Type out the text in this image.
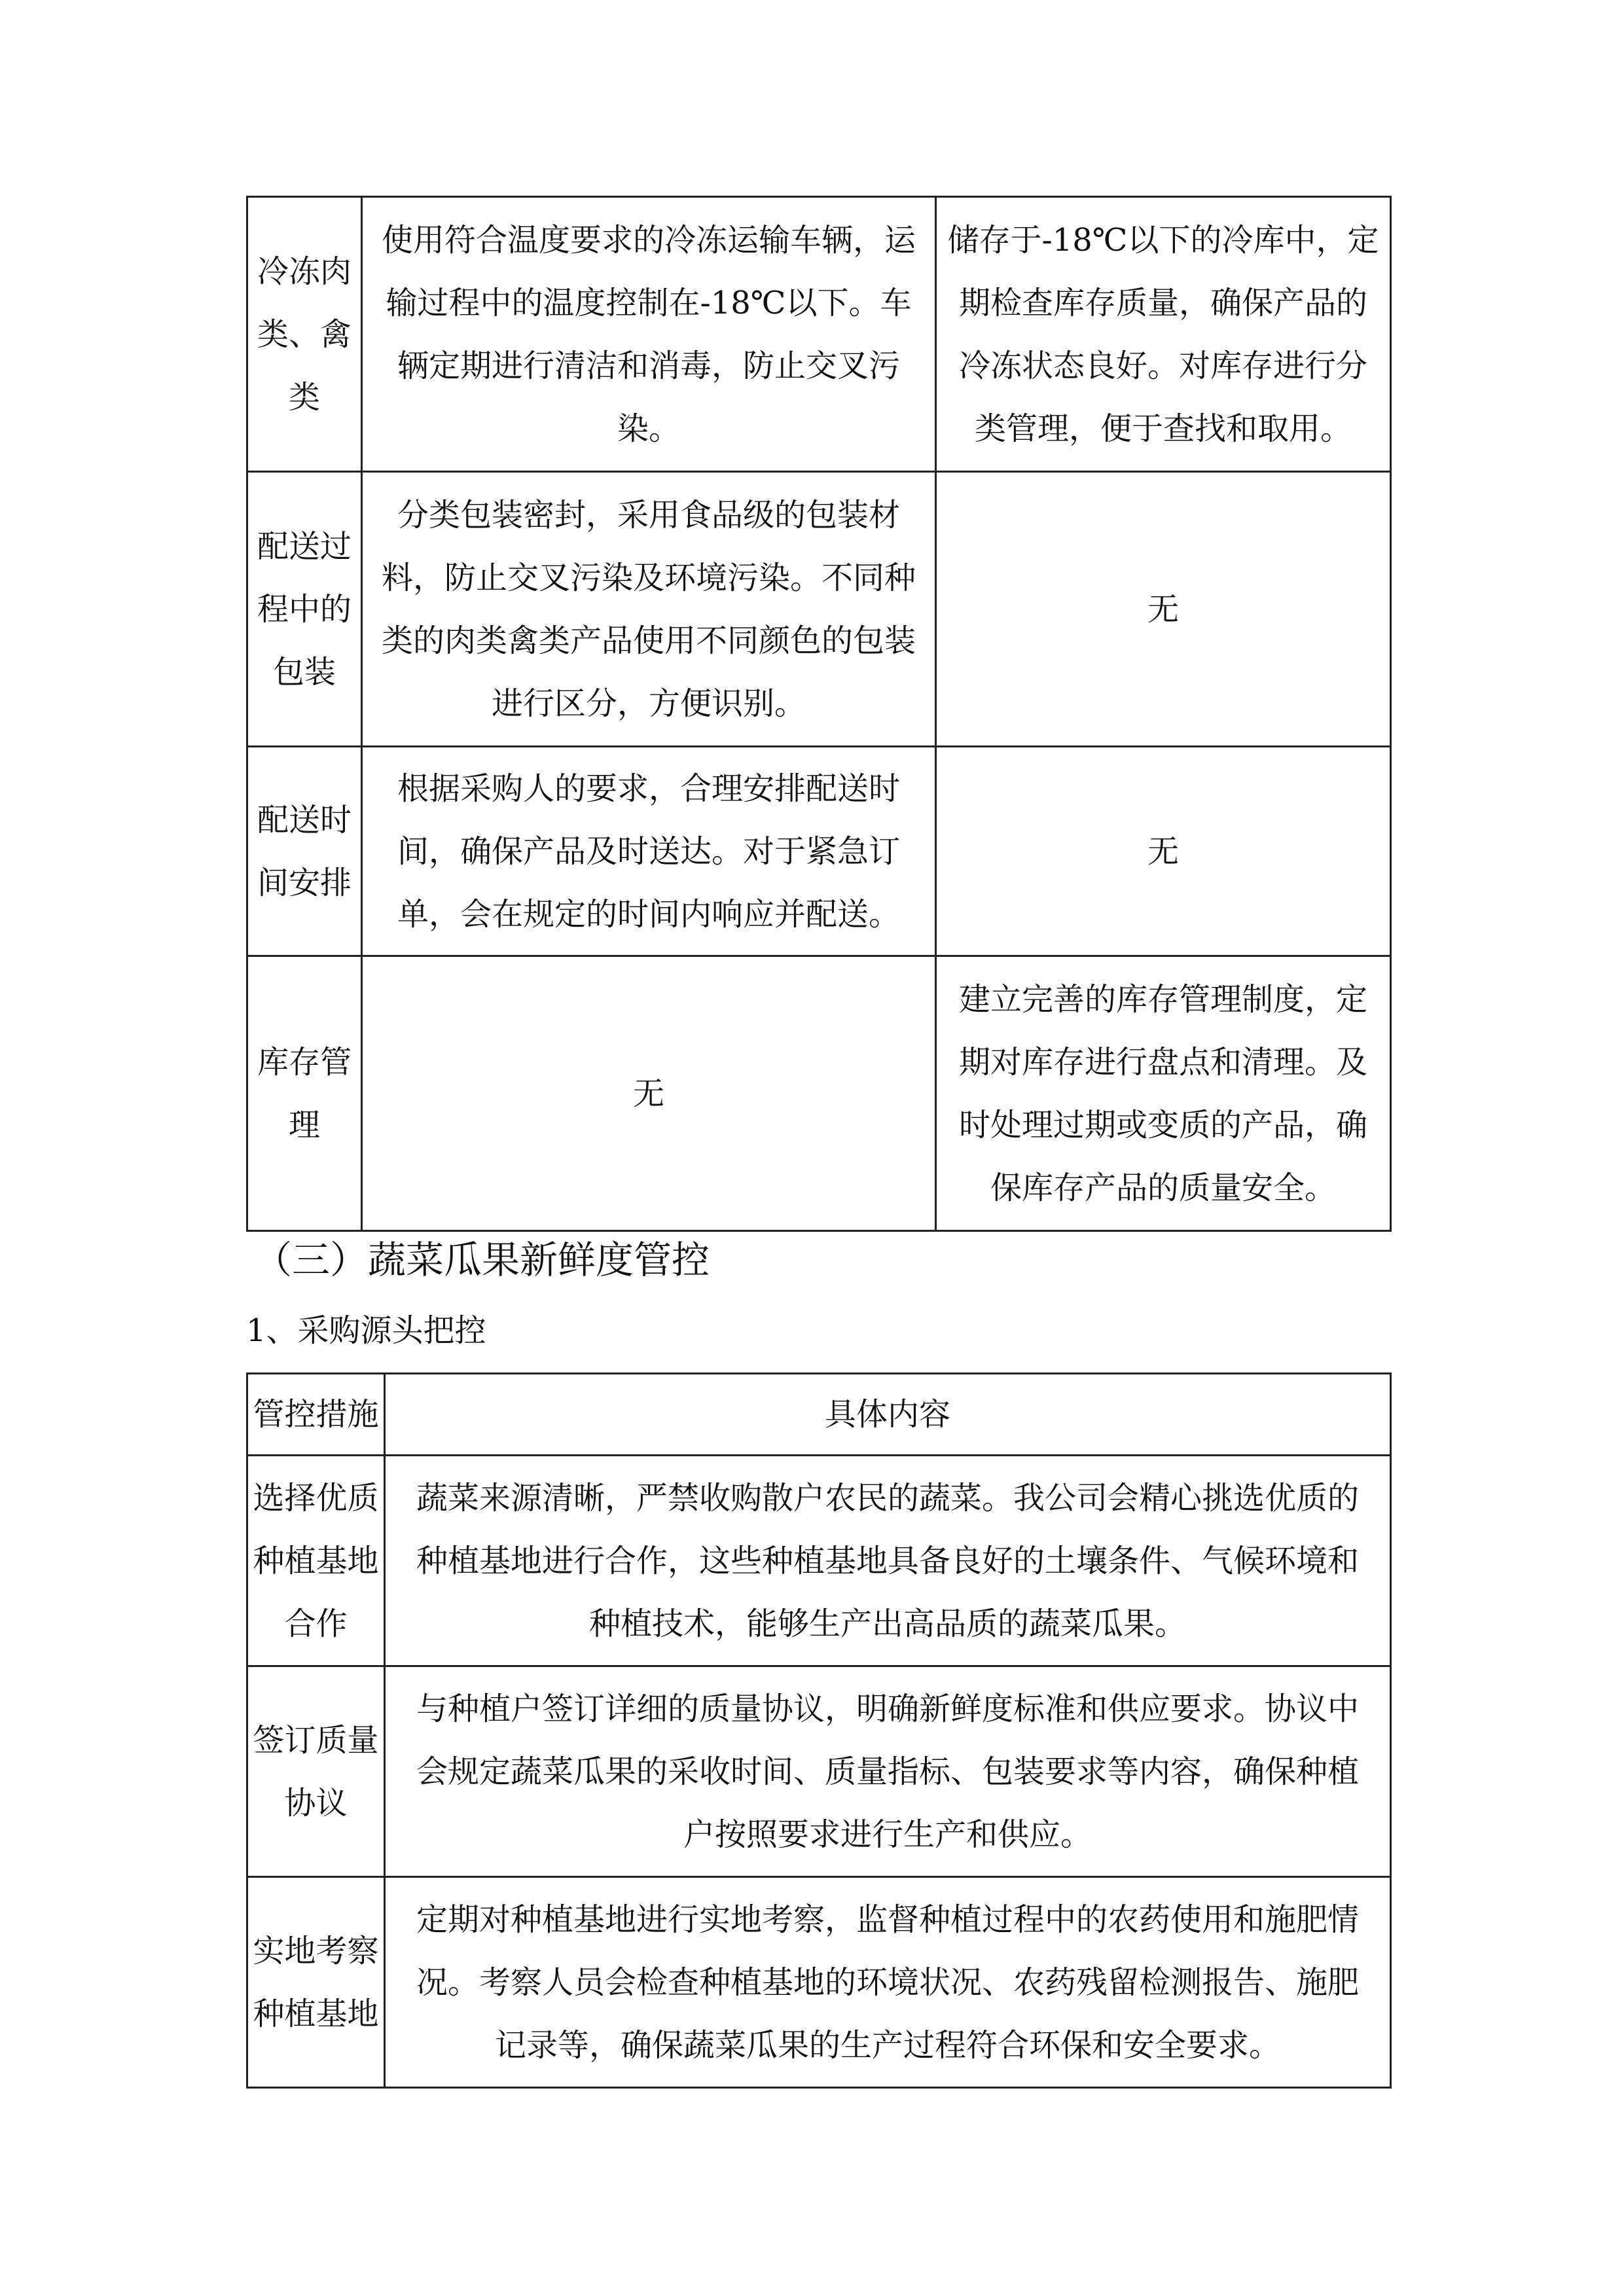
冷冻肉
类、禽
类	使用符合温度要求的冷冻运输车辆，运
输过程中的温度控制在-18℃以下。车
辆定期进行清洁和消毒，防止交叉污
染。	储存于-18℃以下的冷库中，定
期检查库存质量，确保产品的
冷冻状态良好。对库存进行分
类管理，便于查找和取用。
配送过
程中的
包装	分类包装密封，采用食品级的包装材
料，防止交叉污染及环境污染。不同种
类的肉类禽类产品使用不同颜色的包装
进行区分，方便识别。	无
配送时
间安排	根据采购人的要求，合理安排配送时
间，确保产品及时送达。对于紧急订
单，会在规定的时间内响应并配送。	无
库存管
理	无	建立完善的库存管理制度，定
期对库存进行盘点和清理。及
时处理过期或变质的产品，确
保库存产品的质量安全。
（三）蔬菜瓜果新鲜度管控
1、采购源头把控
管控措施	具体内容
选择优质
种植基地
合作	蔬菜来源清晰，严禁收购散户农民的蔬菜。我公司会精心挑选优质的
种植基地进行合作，这些种植基地具备良好的土壤条件、气候环境和
种植技术，能够生产出高品质的蔬菜瓜果。
签订质量
协议	与种植户签订详细的质量协议，明确新鲜度标准和供应要求。协议中
会规定蔬菜瓜果的采收时间、质量指标、包装要求等内容，确保种植
户按照要求进行生产和供应。
实地考察
种植基地	定期对种植基地进行实地考察，监督种植过程中的农药使用和施肥情
况。考察人员会检查种植基地的环境状况、农药残留检测报告、施肥
记录等，确保蔬菜瓜果的生产过程符合环保和安全要求。
